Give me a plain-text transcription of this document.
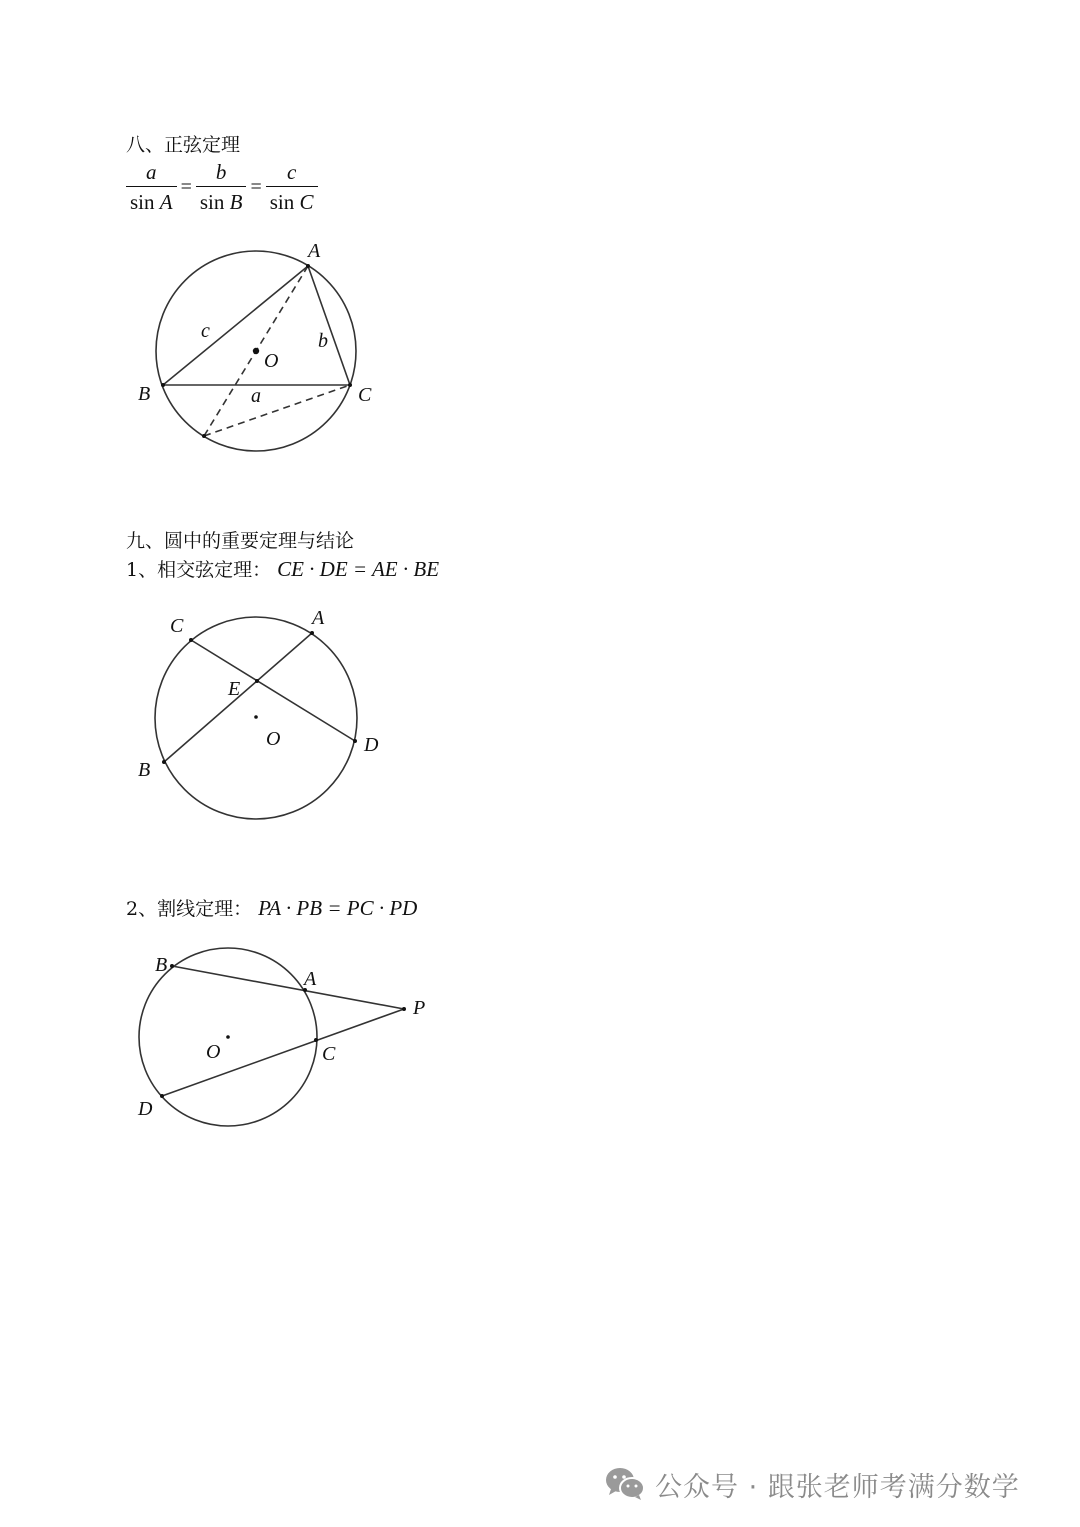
八、正弦定理
$\frac{a}{\text{sin A}} = \frac{b}{\text{sin B}} = \frac{c}{\text{sin C}}$
九、圆中的重要定理与结论
1、相交弦定理： CE · DE = AE · BE
2、割线定理： PA · PB = PC · PD
A
B	C
O
a
b
c
C	A
E
O	D
B
B
A
P
O	C
D
公众号 · 跟张老师考满分数学
